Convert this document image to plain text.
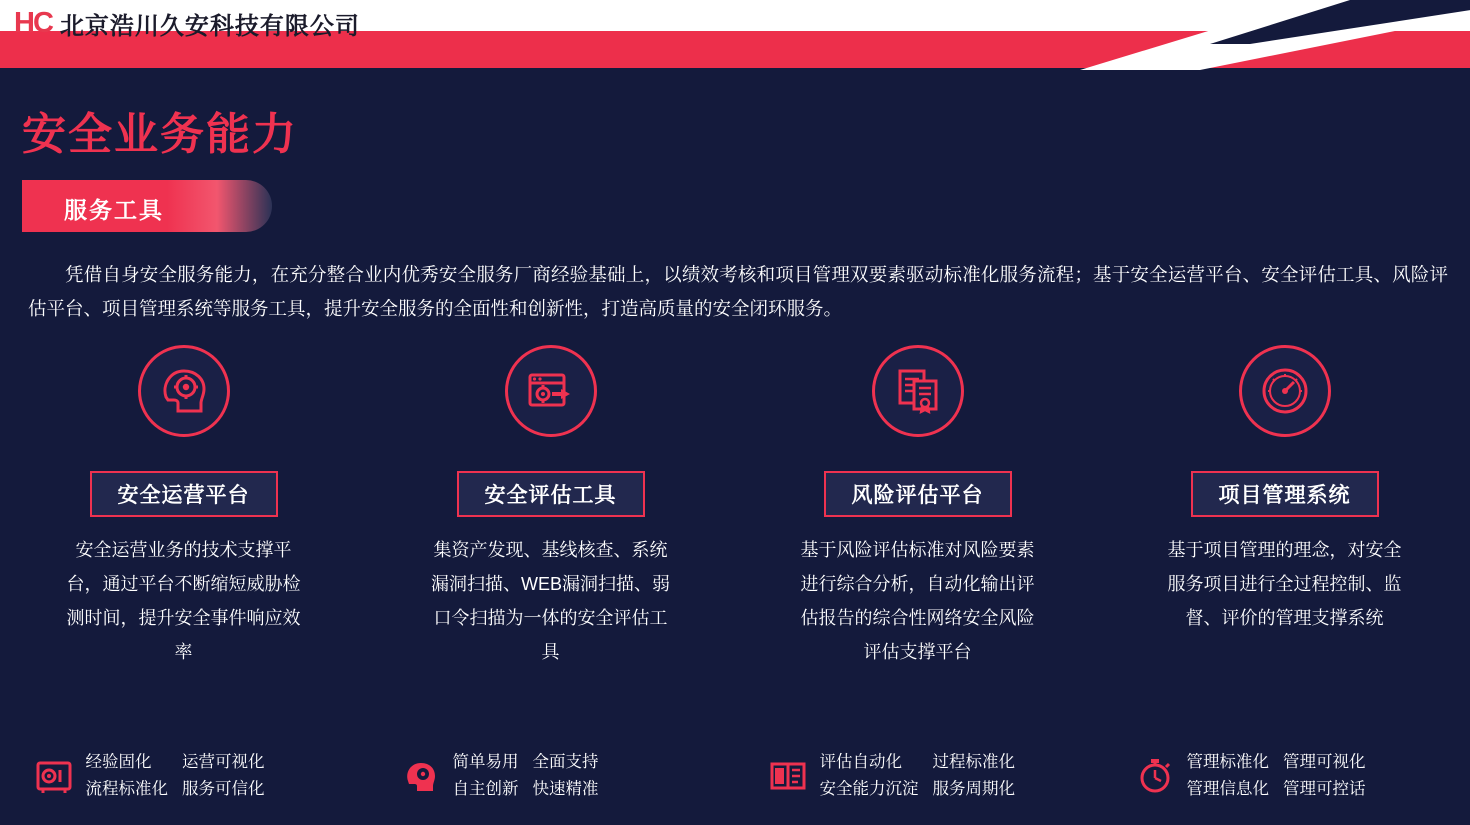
HC 北京浩川久安科技有限公司
安全业务能力
服务工具
凭借自身安全服务能力，在充分整合业内优秀安全服务厂商经验基础上，以绩效考核和项目管理双要素驱动标准化服务流程；基于安全运营平台、安全评估工具、风险评估平台、项目管理系统等服务工具，提升安全服务的全面性和创新性，打造高质量的安全闭环服务。
安全运营平台
安全运营业务的技术支撑平台，通过平台不断缩短威胁检测时间，提升安全事件响应效率
经验固化	运营可视化
流程标准化 服务可信化
安全评估工具
集资产发现、基线核查、系统漏洞扫描、WEB漏洞扫描、弱口令扫描为一体的安全评估工具
简单易用 全面支持
自主创新 快速精准
风险评估平台
基于风险评估标准对风险要素进行综合分析，自动化输出评估报告的综合性网络安全风险评估支撑平台
评估自动化	过程标准化
安全能力沉淀 服务周期化
项目管理系统
基于项目管理的理念，对安全服务项目进行全过程控制、监督、评价的管理支撑系统
管理标准化 管理可视化
管理信息化 管理可控话
